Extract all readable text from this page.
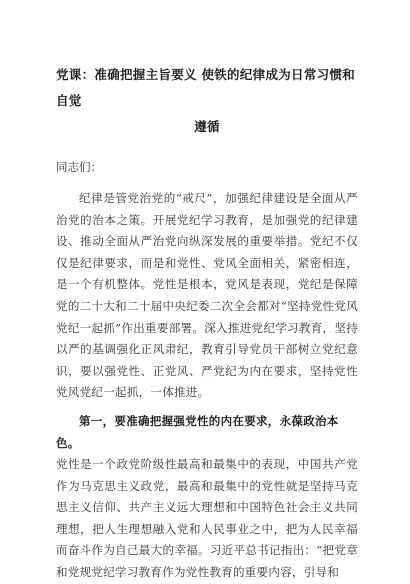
党课：准确把握主旨要义 使铁的纪律成为日常习惯和自觉
遵循

同志们：

纪律是管党治党的“戒尺”，加强纪律建设是全面从严治党的治本之策。开展党纪学习教育，是加强党的纪律建设、推动全面从严治党向纵深发展的重要举措。党纪不仅仅是纪律要求，而是和党性、党风全面相关，紧密相连，是一个有机整体。党性是根本，党风是表现，党纪是保障党的二十大和二十届中央纪委二次全会都对“坚持党性党风党纪一起抓”作出重要部署。深入推进党纪学习教育，坚持以严的基调强化正风肃纪，教育引导党员干部树立党纪意识，要以强党性、正党风、严党纪为内在要求，坚持党性党风党纪一起抓，一体推进。

第一，要准确把握强党性的内在要求，永葆政治本色。

党性是一个政党阶级性最高和最集中的表现，中国共产党作为马克思主义政党，最高和最集中的党性就是坚持马克思主义信仰、共产主义远大理想和中国特色社会主义共同理想，把人生理想融入党和人民事业之中，把为人民幸福而奋斗作为自己最大的幸福。习近平总书记指出：“把党章和党规党纪学习教育作为党性教育的重要内容，引导和
